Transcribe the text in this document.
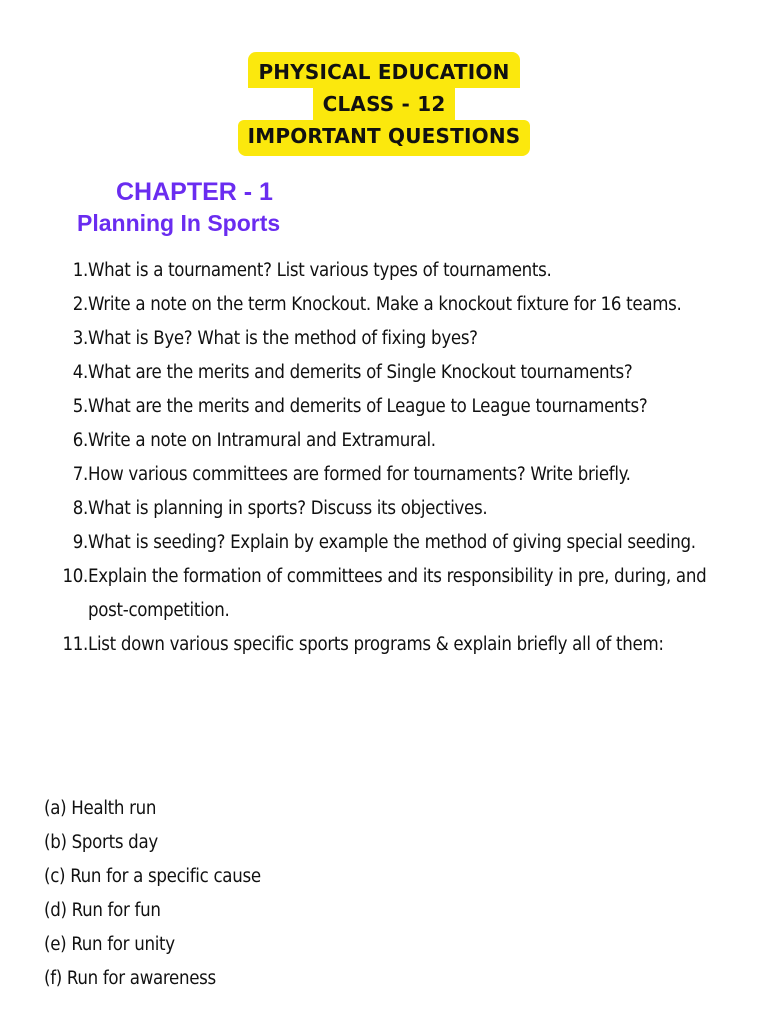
PHYSICAL EDUCATION
CLASS - 12
IMPORTANT QUESTIONS
CHAPTER - 1
Planning In Sports
1. What is a tournament? List various types of tournaments.
2. Write a note on the term Knockout. Make a knockout fixture for 16 teams.
3. What is Bye? What is the method of fixing byes?
4. What are the merits and demerits of Single Knockout tournaments?
5. What are the merits and demerits of League to League tournaments?
6. Write a note on Intramural and Extramural.
7. How various committees are formed for tournaments? Write briefly.
8. What is planning in sports? Discuss its objectives.
9. What is seeding? Explain by example the method of giving special seeding.
10. Explain the formation of committees and its responsibility in pre, during, and post-competition.
11. List down various specific sports programs & explain briefly all of them:
(a) Health run
(b) Sports day
(c) Run for a specific cause
(d) Run for fun
(e) Run for unity
(f) Run for awareness
